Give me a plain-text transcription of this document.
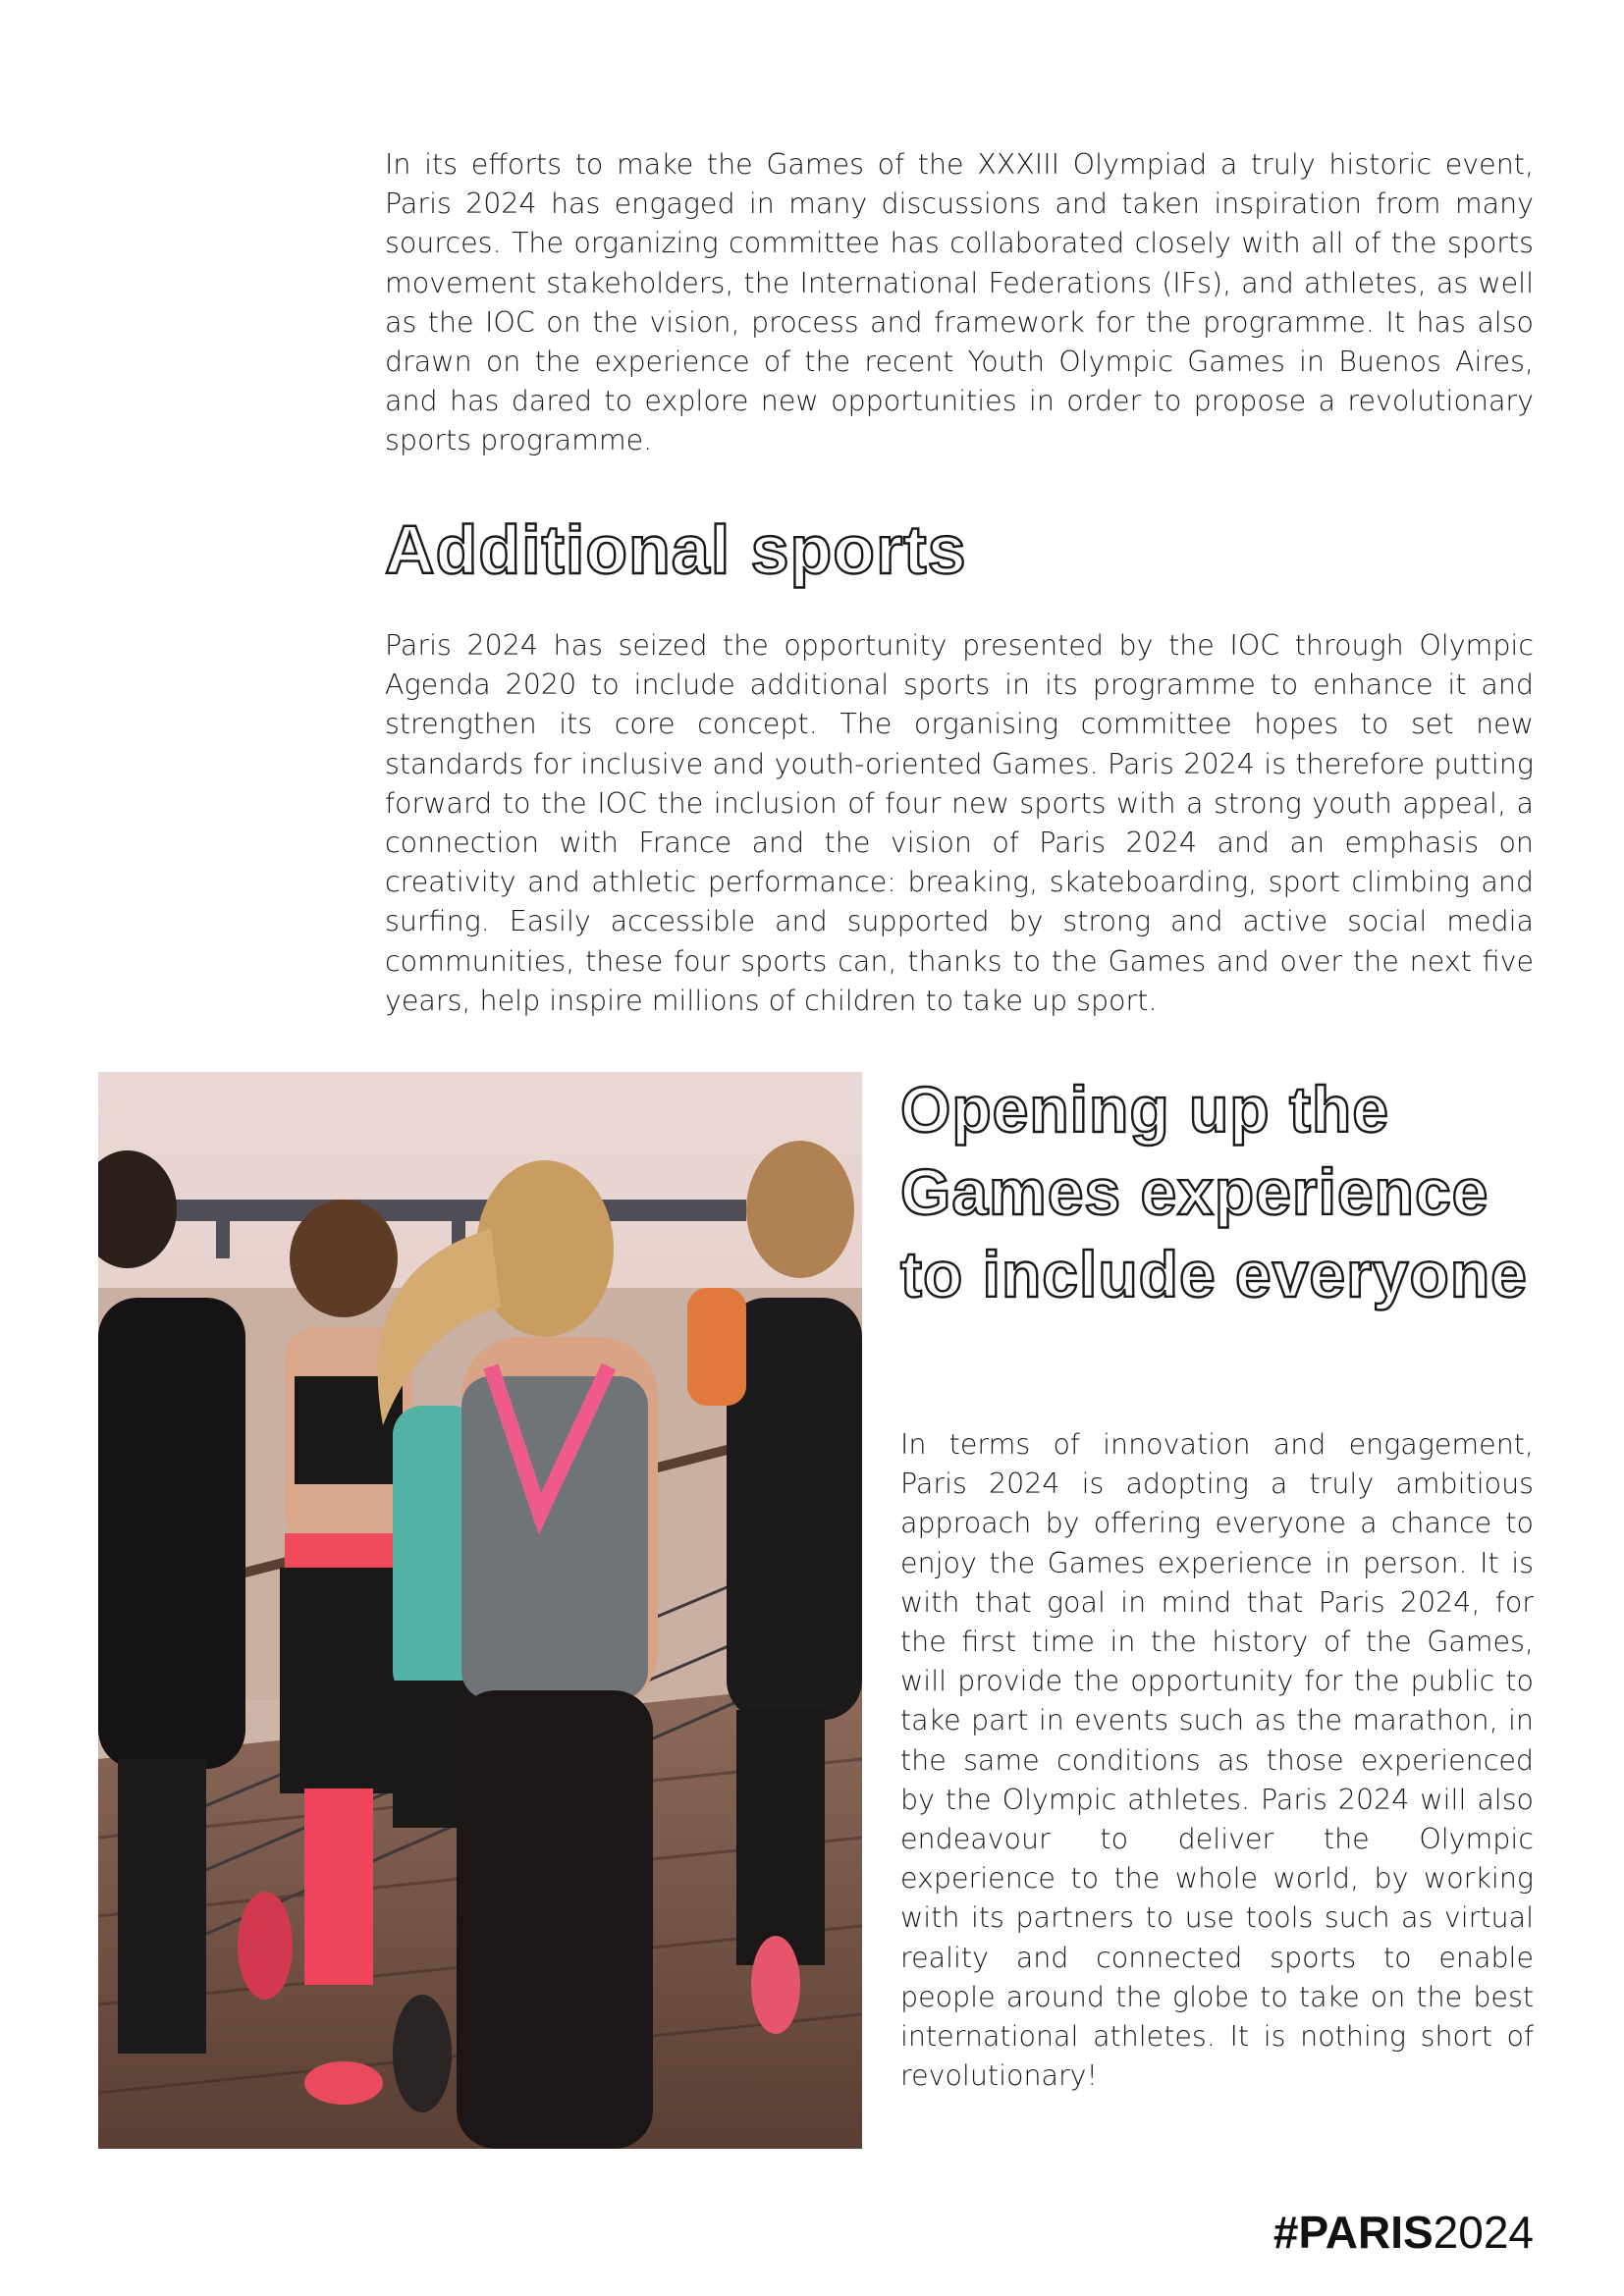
In its efforts to make the Games of the XXXIII Olympiad a truly historic event, Paris 2024 has engaged in many discussions and taken inspiration from many sources. The organizing committee has collaborated closely with all of the sports movement stakeholders, the International Federations (IFs), and athletes, as well as the IOC on the vision, process and framework for the programme. It has also drawn on the experience of the recent Youth Olympic Games in Buenos Aires, and has dared to explore new opportunities in order to propose a revolutionary sports programme.

Additional sports

Paris 2024 has seized the opportunity presented by the IOC through Olympic Agenda 2020 to include additional sports in its programme to enhance it and strengthen its core concept. The organising committee hopes to set new standards for inclusive and youth-oriented Games. Paris 2024 is therefore putting forward to the IOC the inclusion of four new sports with a strong youth appeal, a connection with France and the vision of Paris 2024 and an emphasis on creativity and athletic performance: breaking, skateboarding, sport climbing and surfing. Easily accessible and supported by strong and active social media communities, these four sports can, thanks to the Games and over the next five years, help inspire millions of children to take up sport.

Opening up the Games experience to include everyone

In terms of innovation and engagement, Paris 2024 is adopting a truly ambitious approach by offering everyone a chance to enjoy the Games experience in person. It is with that goal in mind that Paris 2024, for the first time in the history of the Games, will provide the opportunity for the public to take part in events such as the marathon, in the same conditions as those experienced by the Olympic athletes. Paris 2024 will also endeavour to deliver the Olympic experience to the whole world, by working with its partners to use tools such as virtual reality and connected sports to enable people around the globe to take on the best international athletes. It is nothing short of revolutionary!

#PARIS2024
